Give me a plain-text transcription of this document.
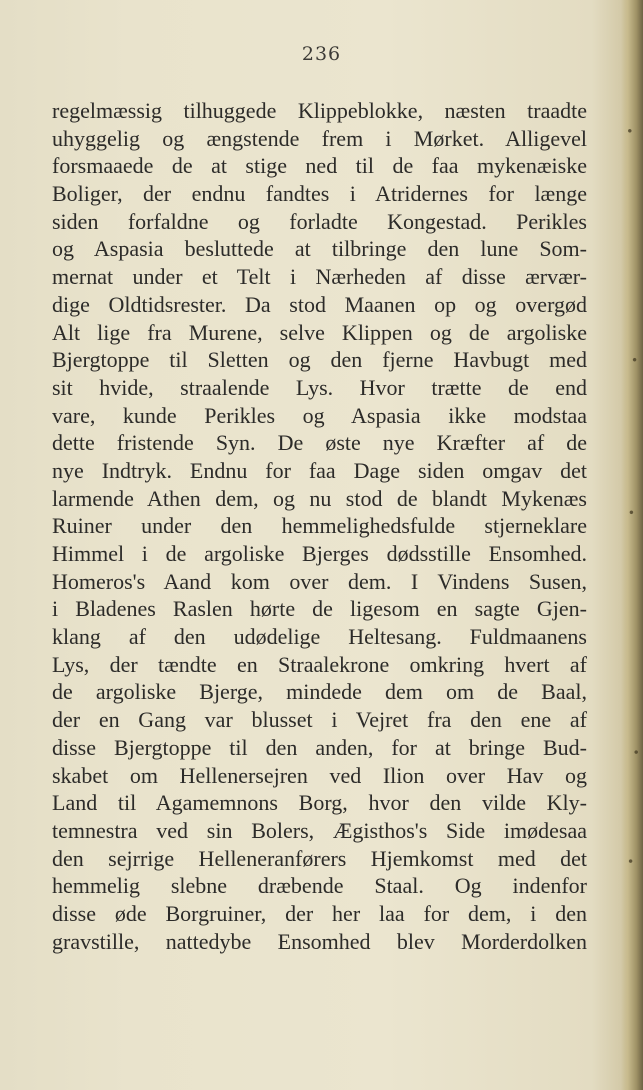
236
regelmæssig tilhuggede Klippeblokke, næsten traadte
uhyggelig og ængstende frem i Mørket. Alligevel
forsmaaede de at stige ned til de faa mykenæiske
Boliger, der endnu fandtes i Atridernes for længe
siden forfaldne og forladte Kongestad. Perikles
og Aspasia besluttede at tilbringe den lune Som-
mernat under et Telt i Nærheden af disse ærvær-
dige Oldtidsrester. Da stod Maanen op og overgød
Alt lige fra Murene, selve Klippen og de argoliske
Bjergtoppe til Sletten og den fjerne Havbugt med
sit hvide, straalende Lys. Hvor trætte de end
vare, kunde Perikles og Aspasia ikke modstaa
dette fristende Syn. De øste nye Kræfter af de
nye Indtryk. Endnu for faa Dage siden omgav det
larmende Athen dem, og nu stod de blandt Mykenæs
Ruiner under den hemmelighedsfulde stjerneklare
Himmel i de argoliske Bjerges dødsstille Ensomhed.
Homeros's Aand kom over dem. I Vindens Susen,
i Bladenes Raslen hørte de ligesom en sagte Gjen-
klang af den udødelige Heltesang. Fuldmaanens
Lys, der tændte en Straalekrone omkring hvert af
de argoliske Bjerge, mindede dem om de Baal,
der en Gang var blusset i Vejret fra den ene af
disse Bjergtoppe til den anden, for at bringe Bud-
skabet om Hellenersejren ved Ilion over Hav og
Land til Agamemnons Borg, hvor den vilde Kly-
temnestra ved sin Bolers, Ægisthos's Side imødesaa
den sejrrige Helleneranførers Hjemkomst med det
hemmelig slebne dræbende Staal. Og indenfor
disse øde Borgruiner, der her laa for dem, i den
gravstille, nattedybe Ensomhed blev Morderdolken
